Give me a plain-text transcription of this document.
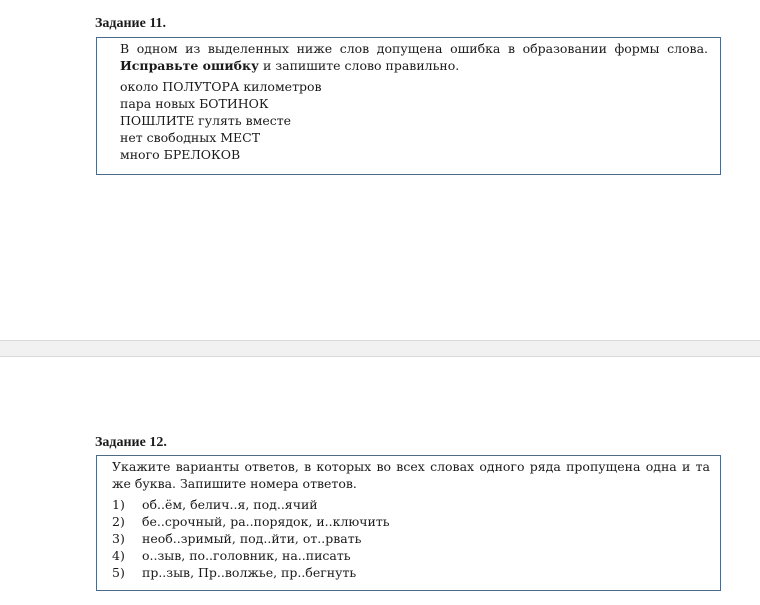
Задание 11.

В одном из выделенных ниже слов допущена ошибка в образовании формы слова. Исправьте ошибку и запишите слово правильно.

около ПОЛУТОРА километров
пара новых БОТИНОК
ПОШЛИТЕ гулять вместе
нет свободных МЕСТ
много БРЕЛОКОВ
Задание 12.

Укажите варианты ответов, в которых во всех словах одного ряда пропущена одна и та же буква. Запишите номера ответов.

1) об..ём, белич..я, под..ячий
2) бе..срочный, ра..порядок, и..ключить
3) необ..зримый, под..йти, от..рвать
4) о..зыв, по..головник, на..писать
5) пр..зыв, Пр..волжье, пр..бегнуть
